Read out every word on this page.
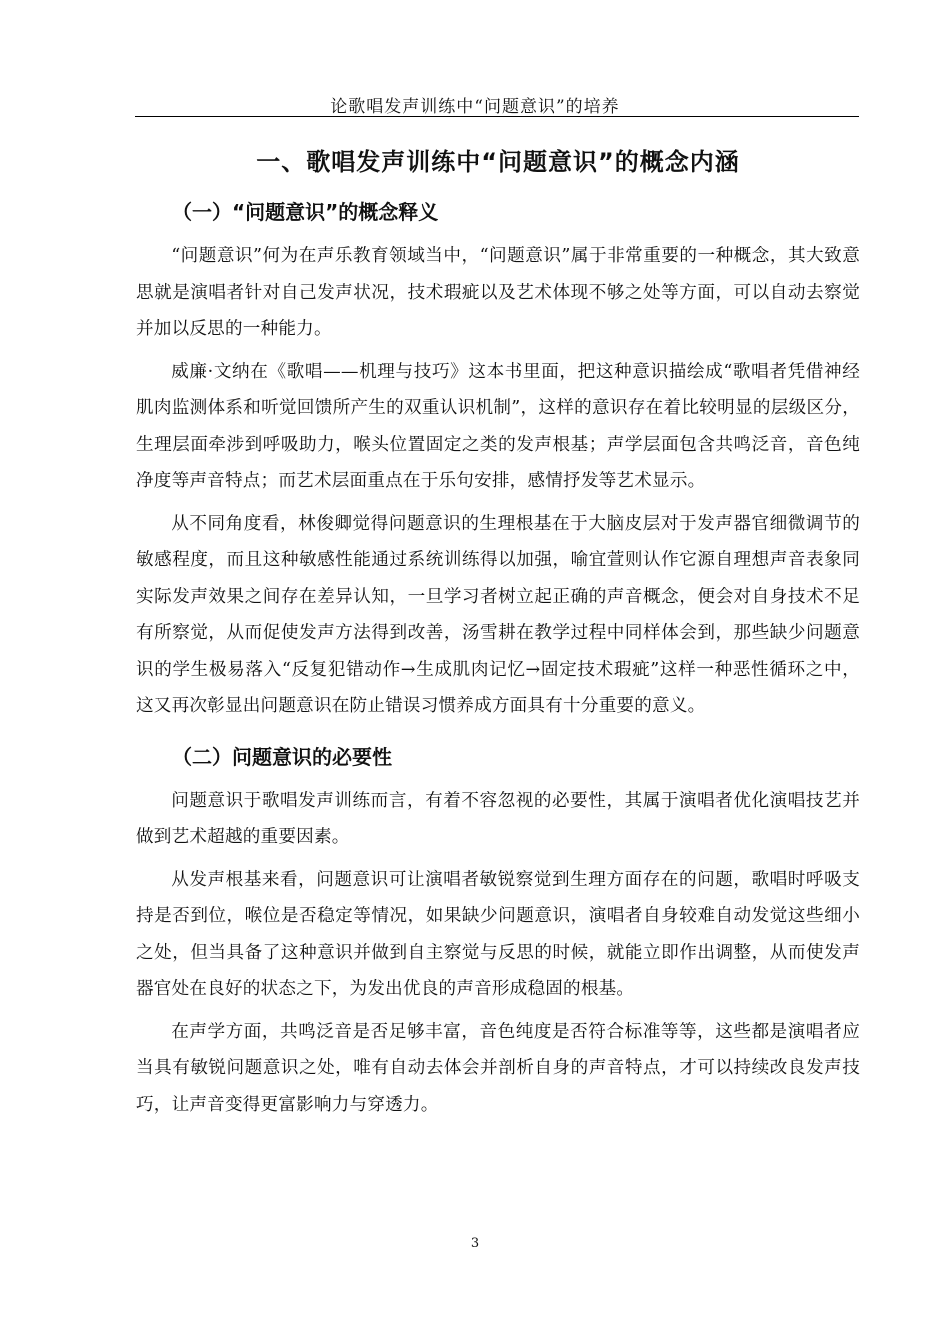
论歌唱发声训练中“问题意识”的培养
一、歌唱发声训练中“问题意识”的概念内涵
（一）“问题意识”的概念释义

“问题意识”何为在声乐教育领域当中，“问题意识”属于非常重要的一种概念，其大致意思就是演唱者针对自己发声状况，技术瑕疵以及艺术体现不够之处等方面，可以自动去察觉并加以反思的一种能力。

威廉·文纳在《歌唱——机理与技巧》这本书里面，把这种意识描绘成“歌唱者凭借神经肌肉监测体系和听觉回馈所产生的双重认识机制”，这样的意识存在着比较明显的层级区分，生理层面牵涉到呼吸助力，喉头位置固定之类的发声根基；声学层面包含共鸣泛音，音色纯净度等声音特点；而艺术层面重点在于乐句安排，感情抒发等艺术显示。

从不同角度看，林俊卿觉得问题意识的生理根基在于大脑皮层对于发声器官细微调节的敏感程度，而且这种敏感性能通过系统训练得以加强，喻宜萱则认作它源自理想声音表象同实际发声效果之间存在差异认知，一旦学习者树立起正确的声音概念，便会对自身技术不足有所察觉，从而促使发声方法得到改善，汤雪耕在教学过程中同样体会到，那些缺少问题意识的学生极易落入“反复犯错动作→生成肌肉记忆→固定技术瑕疵”这样一种恶性循环之中，这又再次彰显出问题意识在防止错误习惯养成方面具有十分重要的意义。

（二）问题意识的必要性

问题意识于歌唱发声训练而言，有着不容忽视的必要性，其属于演唱者优化演唱技艺并做到艺术超越的重要因素。

从发声根基来看，问题意识可让演唱者敏锐察觉到生理方面存在的问题，歌唱时呼吸支持是否到位，喉位是否稳定等情况，如果缺少问题意识，演唱者自身较难自动发觉这些细小之处，但当具备了这种意识并做到自主察觉与反思的时候，就能立即作出调整，从而使发声器官处在良好的状态之下，为发出优良的声音形成稳固的根基。

在声学方面，共鸣泛音是否足够丰富，音色纯度是否符合标准等等，这些都是演唱者应当具有敏锐问题意识之处，唯有自动去体会并剖析自身的声音特点，才可以持续改良发声技巧，让声音变得更富影响力与穿透力。

3
